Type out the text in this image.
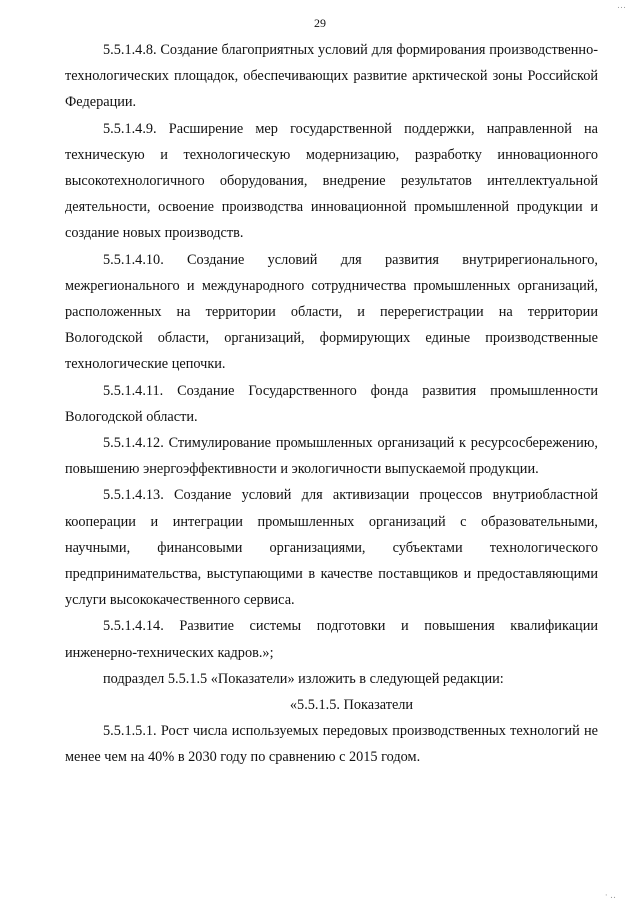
…
29

5.5.1.4.8. Создание благоприятных условий для формирования производственно-технологических площадок, обеспечивающих развитие арктической зоны Российской Федерации.

5.5.1.4.9. Расширение мер государственной поддержки, направленной на техническую и технологическую модернизацию, разработку инновационного высокотехнологичного оборудования, внедрение результатов интеллектуальной деятельности, освоение производства инновационной промышленной продукции и создание новых производств.

5.5.1.4.10. Создание условий для развития внутрирегионального, межрегионального и международного сотрудничества промышленных организаций, расположенных на территории области, и перерегистрации на территории Вологодской области, организаций, формирующих единые производственные технологические цепочки.

5.5.1.4.11. Создание Государственного фонда развития промышленности Вологодской области.

5.5.1.4.12. Стимулирование промышленных организаций к ресурсосбережению, повышению энергоэффективности и экологичности выпускаемой продукции.

5.5.1.4.13. Создание условий для активизации процессов внутриобластной кооперации и интеграции промышленных организаций с образовательными, научными, финансовыми организациями, субъектами технологического предпринимательства, выступающими в качестве поставщиков и предоставляющими услуги высококачественного сервиса.

5.5.1.4.14. Развитие системы подготовки и повышения квалификации инженерно-технических кадров.»;

подраздел 5.5.1.5 «Показатели» изложить в следующей редакции:

«5.5.1.5. Показатели

5.5.1.5.1. Рост числа используемых передовых производственных технологий не менее чем на 40% в 2030 году по сравнению с 2015 годом.

· ‥
